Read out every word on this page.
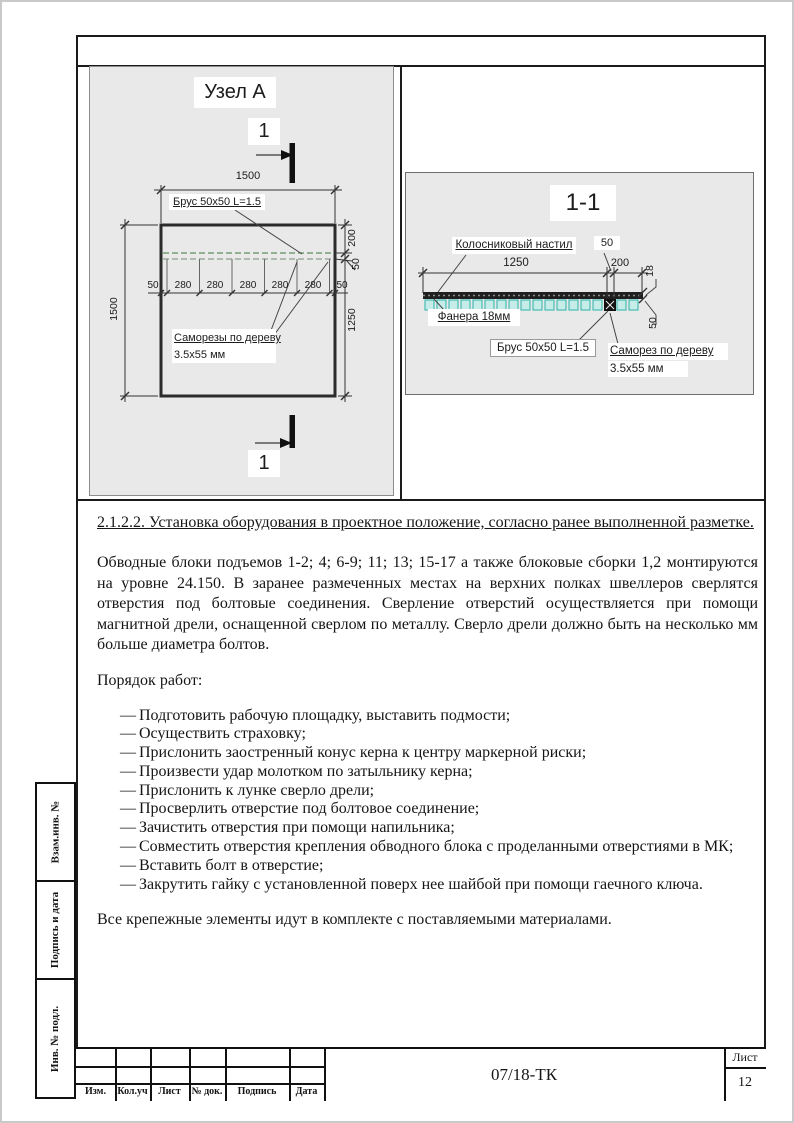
Узел А
1
1500
Брус 50х50 L=1.5
200
50
1250
1500
50	280	280	280	280	280	50
Саморезы по дереву
3.5х55 мм
1
1-1
Колосниковый настил	50
1250	200
18
Фанера 18мм
Брус 50х50 L=1.5	Саморез по дереву
3.5х55 мм
50
2.1.2.2. Установка оборудования в проектное положение, согласно ранее выполненной разметке.
Обводные блоки подъемов 1-2; 4; 6-9; 11; 13; 15-17 а также блоковые сборки 1,2 монтируются на уровне 24.150. В заранее размеченных местах на верхних полках швеллеров сверлятся отверстия под болтовые соединения. Сверление отверстий осуществляется при помощи магнитной дрели, оснащенной сверлом по металлу. Сверло дрели должно быть на несколько мм больше диаметра болтов.
Порядок работ:
— Подготовить рабочую площадку, выставить подмости;
— Осуществить страховку;
— Прислонить заостренный конус керна к центру маркерной риски;
— Произвести удар молотком по затыльнику керна;
— Прислонить к лунке сверло дрели;
— Просверлить отверстие под болтовое соединение;
— Зачистить отверстия при помощи напильника;
— Совместить отверстия крепления обводного блока с проделанными отверстиями в МК;
— Вставить болт в отверстие;
— Закрутить гайку с установленной поверх нее шайбой при помощи гаечного ключа.
Все крепежные элементы идут в комплекте с поставляемыми материалами.
Взам.инв. №
Подпись и дата
Инв. № подл.
Изм.	Кол.уч	Лист	№ док.	Подпись	Дата
07/18-ТК
Лист
12
